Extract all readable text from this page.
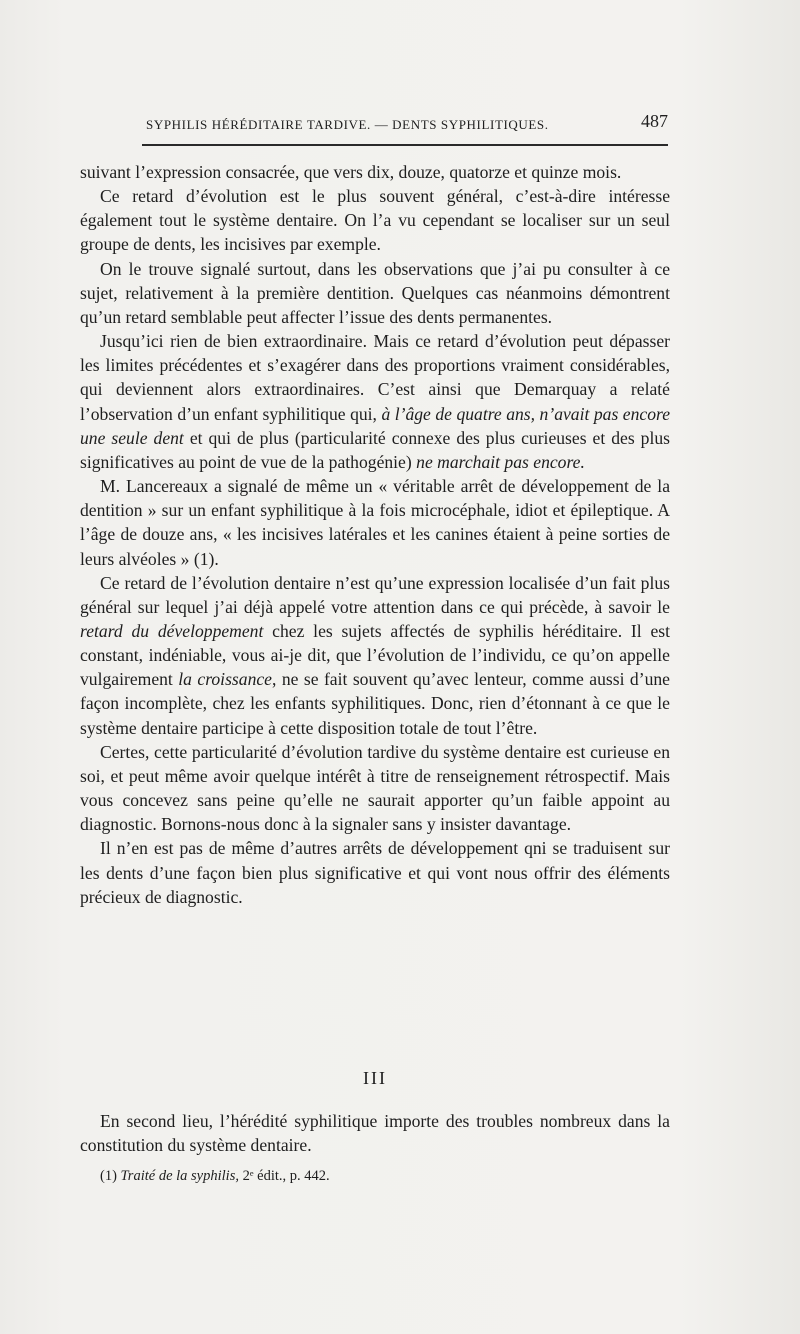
SYPHILIS HÉRÉDITAIRE TARDIVE. — DENTS SYPHILITIQUES.	487

suivant l’expression consacrée, que vers dix, douze, quatorze et quinze mois.

Ce retard d’évolution est le plus souvent général, c’est-à-dire intéresse également tout le système dentaire. On l’a vu cependant se localiser sur un seul groupe de dents, les incisives par exemple.

On le trouve signalé surtout, dans les observations que j’ai pu consulter à ce sujet, relativement à la première dentition. Quelques cas néanmoins démontrent qu’un retard semblable peut affecter l’issue des dents permanentes.

Jusqu’ici rien de bien extraordinaire. Mais ce retard d’évolution peut dépasser les limites précédentes et s’exagérer dans des proportions vraiment considérables, qui deviennent alors extraordinaires. C’est ainsi que Demarquay a relaté l’observation d’un enfant syphilitique qui, à l’âge de quatre ans, n’avait pas encore une seule dent et qui de plus (particularité connexe des plus curieuses et des plus significatives au point de vue de la pathogénie) ne marchait pas encore.

M. Lancereaux a signalé de même un « véritable arrêt de développement de la dentition » sur un enfant syphilitique à la fois microcéphale, idiot et épileptique. A l’âge de douze ans, « les incisives latérales et les canines étaient à peine sorties de leurs alvéoles » (1).

Ce retard de l’évolution dentaire n’est qu’une expression localisée d’un fait plus général sur lequel j’ai déjà appelé votre attention dans ce qui précède, à savoir le retard du développement chez les sujets affectés de syphilis héréditaire. Il est constant, indéniable, vous ai-je dit, que l’évolution de l’individu, ce qu’on appelle vulgairement la croissance, ne se fait souvent qu’avec lenteur, comme aussi d’une façon incomplète, chez les enfants syphilitiques. Donc, rien d’étonnant à ce que le système dentaire participe à cette disposition totale de tout l’être.

Certes, cette particularité d’évolution tardive du système dentaire est curieuse en soi, et peut même avoir quelque intérêt à titre de renseignement rétrospectif. Mais vous concevez sans peine qu’elle ne saurait apporter qu’un faible appoint au diagnostic. Bornons-nous donc à la signaler sans y insister davantage.

Il n’en est pas de même d’autres arrêts de développement qni se traduisent sur les dents d’une façon bien plus significative et qui vont nous offrir des éléments précieux de diagnostic.

III

En second lieu, l’hérédité syphilitique importe des troubles nombreux dans la constitution du système dentaire.

(1) Traité de la syphilis, 2ᵉ édit., p. 442.
